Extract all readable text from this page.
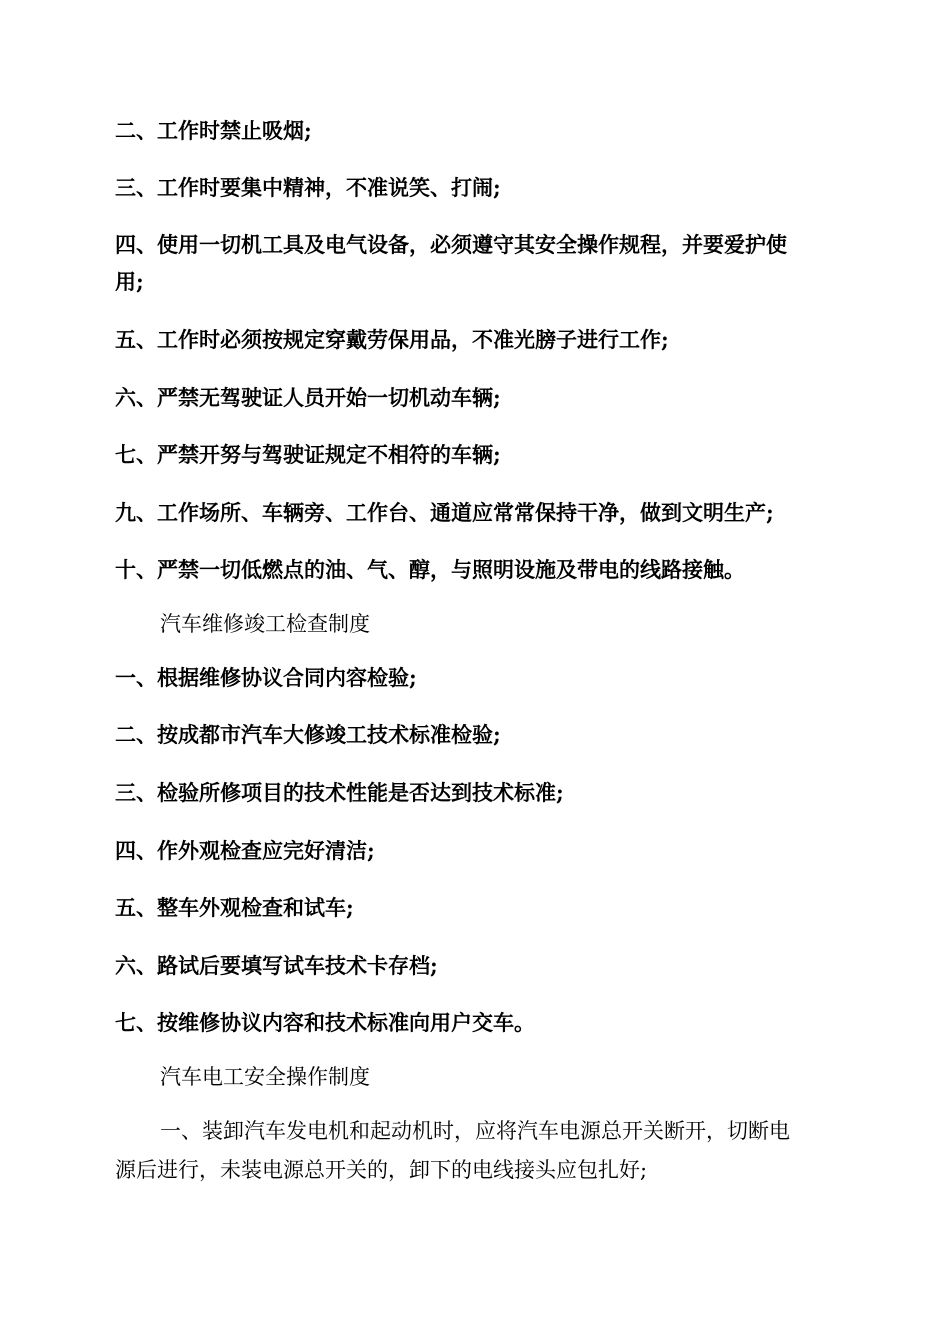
二、工作时禁止吸烟;
三、工作时要集中精神，不准说笑、打闹;
四、使用一切机工具及电气设备，必须遵守其安全操作规程，并要爱护使
用;
五、工作时必须按规定穿戴劳保用品，不准光膀子进行工作;
六、严禁无驾驶证人员开始一切机动车辆;
七、严禁开努与驾驶证规定不相符的车辆;
九、工作场所、车辆旁、工作台、通道应常常保持干净，做到文明生产;
十、严禁一切低燃点的油、气、醇，与照明设施及带电的线路接触。
汽车维修竣工检查制度
一、根据维修协议合同内容检验;
二、按成都市汽车大修竣工技术标准检验;
三、检验所修项目的技术性能是否达到技术标准;
四、作外观检查应完好清洁;
五、整车外观检查和试车;
六、路试后要填写试车技术卡存档;
七、按维修协议内容和技术标准向用户交车。
汽车电工安全操作制度
一、装卸汽车发电机和起动机时，应将汽车电源总开关断开，切断电
源后进行，未装电源总开关的，卸下的电线接头应包扎好;
